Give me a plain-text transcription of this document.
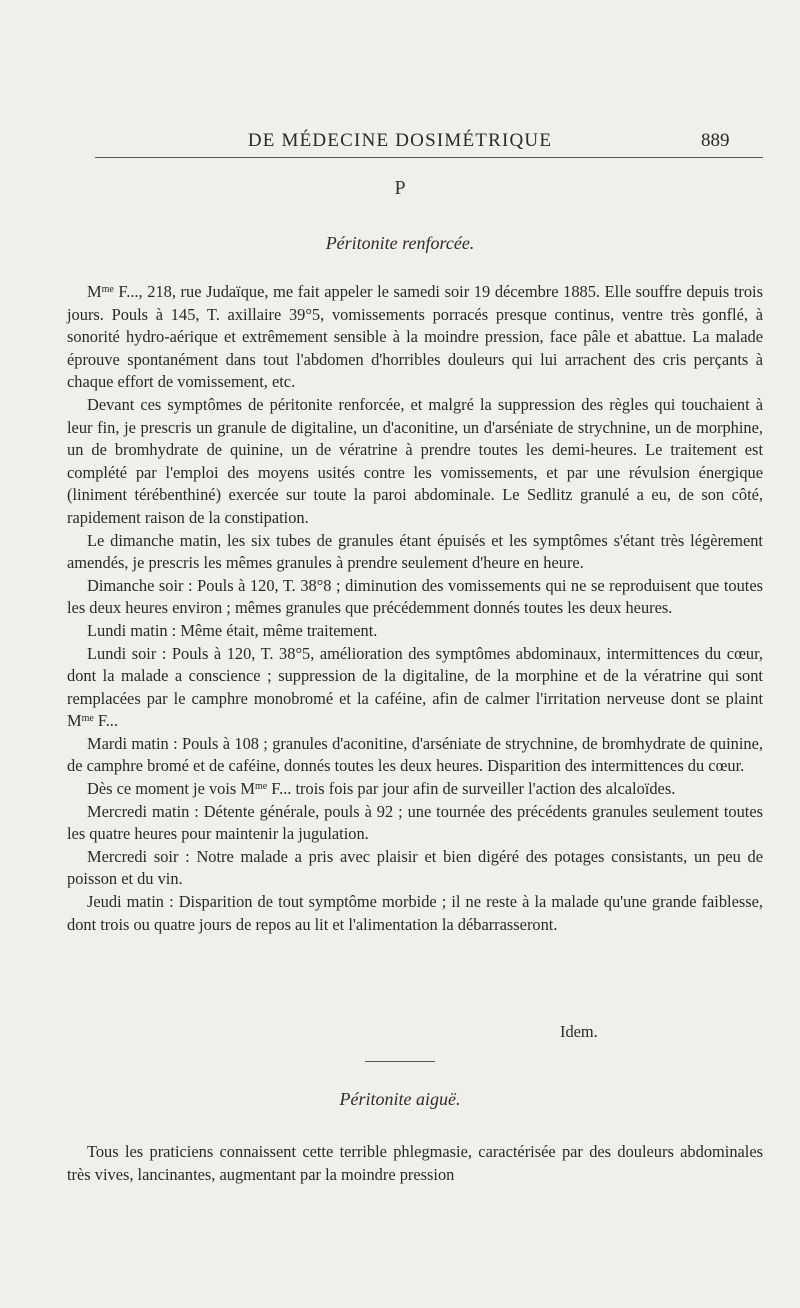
DE MÉDECINE DOSIMÉTRIQUE	889
P
Péritonite renforcée.

$M^{me}$ F..., 218, rue Judaïque, me fait appeler le samedi soir 19 décembre 1885. Elle souffre depuis trois jours. Pouls à 145, T. axillaire 39°5, vomissements porracés presque continus, ventre très gonflé, à sonorité hydro-aérique et extrêmement sensible à la moindre pression, face pâle et abattue. La malade éprouve spontanément dans tout l'abdomen d'horribles douleurs qui lui arrachent des cris perçants à chaque effort de vomissement, etc.

Devant ces symptômes de péritonite renforcée, et malgré la suppression des règles qui touchaient à leur fin, je prescris un granule de digitaline, un d'aconitine, un d'arséniate de strychnine, un de morphine, un de bromhydrate de quinine, un de vératrine à prendre toutes les demi-heures. Le traitement est complété par l'emploi des moyens usités contre les vomissements, et par une révulsion énergique (liniment térébenthiné) exercée sur toute la paroi abdominale. Le Sedlitz granulé a eu, de son côté, rapidement raison de la constipation.

Le dimanche matin, les six tubes de granules étant épuisés et les symptômes s'étant très légèrement amendés, je prescris les mêmes granules à prendre seulement d'heure en heure.

Dimanche soir : Pouls à 120, T. 38°8 ; diminution des vomissements qui ne se reproduisent que toutes les deux heures environ ; mêmes granules que précédemment donnés toutes les deux heures.

Lundi matin : Même était, même traitement.

Lundi soir : Pouls à 120, T. 38°5, amélioration des symptômes abdominaux, intermittences du cœur, dont la malade a conscience ; suppression de la digitaline, de la morphine et de la vératrine qui sont remplacées par le camphre monobromé et la caféine, afin de calmer l'irritation nerveuse dont se plaint $M^{me}$ F...

Mardi matin : Pouls à 108 ; granules d'aconitine, d'arséniate de strychnine, de bromhydrate de quinine, de camphre bromé et de caféine, donnés toutes les deux heures. Disparition des intermittences du cœur.

Dès ce moment je vois $M^{me}$ F... trois fois par jour afin de surveiller l'action des alcaloïdes.

Mercredi matin : Détente générale, pouls à 92 ; une tournée des précédents granules seulement toutes les quatre heures pour maintenir la jugulation.

Mercredi soir : Notre malade a pris avec plaisir et bien digéré des potages consistants, un peu de poisson et du vin.

Jeudi matin : Disparition de tout symptôme morbide ; il ne reste à la malade qu'une grande faiblesse, dont trois ou quatre jours de repos au lit et l'alimentation la débarrasseront.

Idem.
Péritonite aiguë.

Tous les praticiens connaissent cette terrible phlegmasie, caractérisée par des douleurs abdominales très vives, lancinantes, augmentant par la moindre pression
